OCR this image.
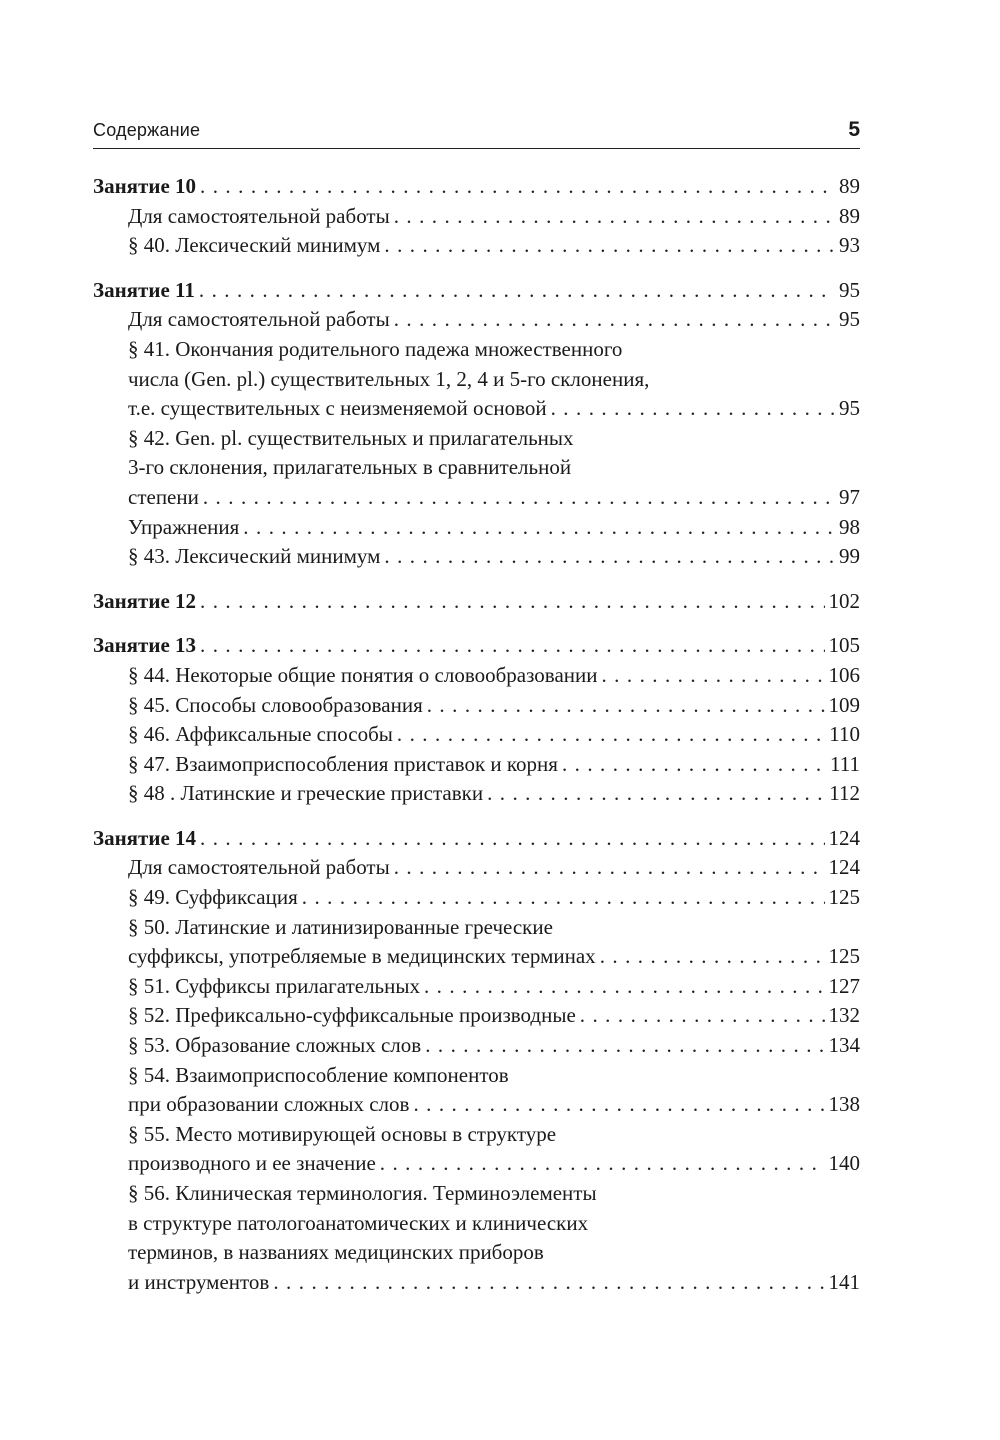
Содержание	5
Занятие 10 . . .	89
Для самостоятельной работы . . .	89
§ 40. Лексический минимум . . .	93
Занятие 11 . . .	95
Для самостоятельной работы . . .	95
§ 41. Окончания родительного падежа множественного
числа (Gen. pl.) существительных 1, 2, 4 и 5-го склонения,
т.е. существительных с неизменяемой основой . . .	95
§ 42. Gen. pl. существительных и прилагательных
3-го склонения, прилагательных в сравнительной
степени . . .	97
Упражнения . . .	98
§ 43. Лексический минимум . . .	99
Занятие 12 . . .	102
Занятие 13 . . .	105
§ 44. Некоторые общие понятия о словообразовании . . .	106
§ 45. Способы словообразования . . .	109
§ 46. Аффиксальные способы . . .	110
§ 47. Взаимоприспособления приставок и корня . . .	111
§ 48 . Латинские и греческие приставки . . .	112
Занятие 14 . . .	124
Для самостоятельной работы . . .	124
§ 49. Суффиксация . . .	125
§ 50. Латинские и латинизированные греческие
суффиксы, употребляемые в медицинских терминах . . .	125
§ 51. Суффиксы прилагательных . . .	127
§ 52. Префиксально-суффиксальные производные . . .	132
§ 53. Образование сложных слов . . .	134
§ 54. Взаимоприспособление компонентов
при образовании сложных слов . . .	138
§ 55. Место мотивирующей основы в структуре
производного и ее значение . . .	140
§ 56. Клиническая терминология. Терминоэлементы
в структуре патологоанатомических и клинических
терминов, в названиях медицинских приборов
и инструментов . . .	141
